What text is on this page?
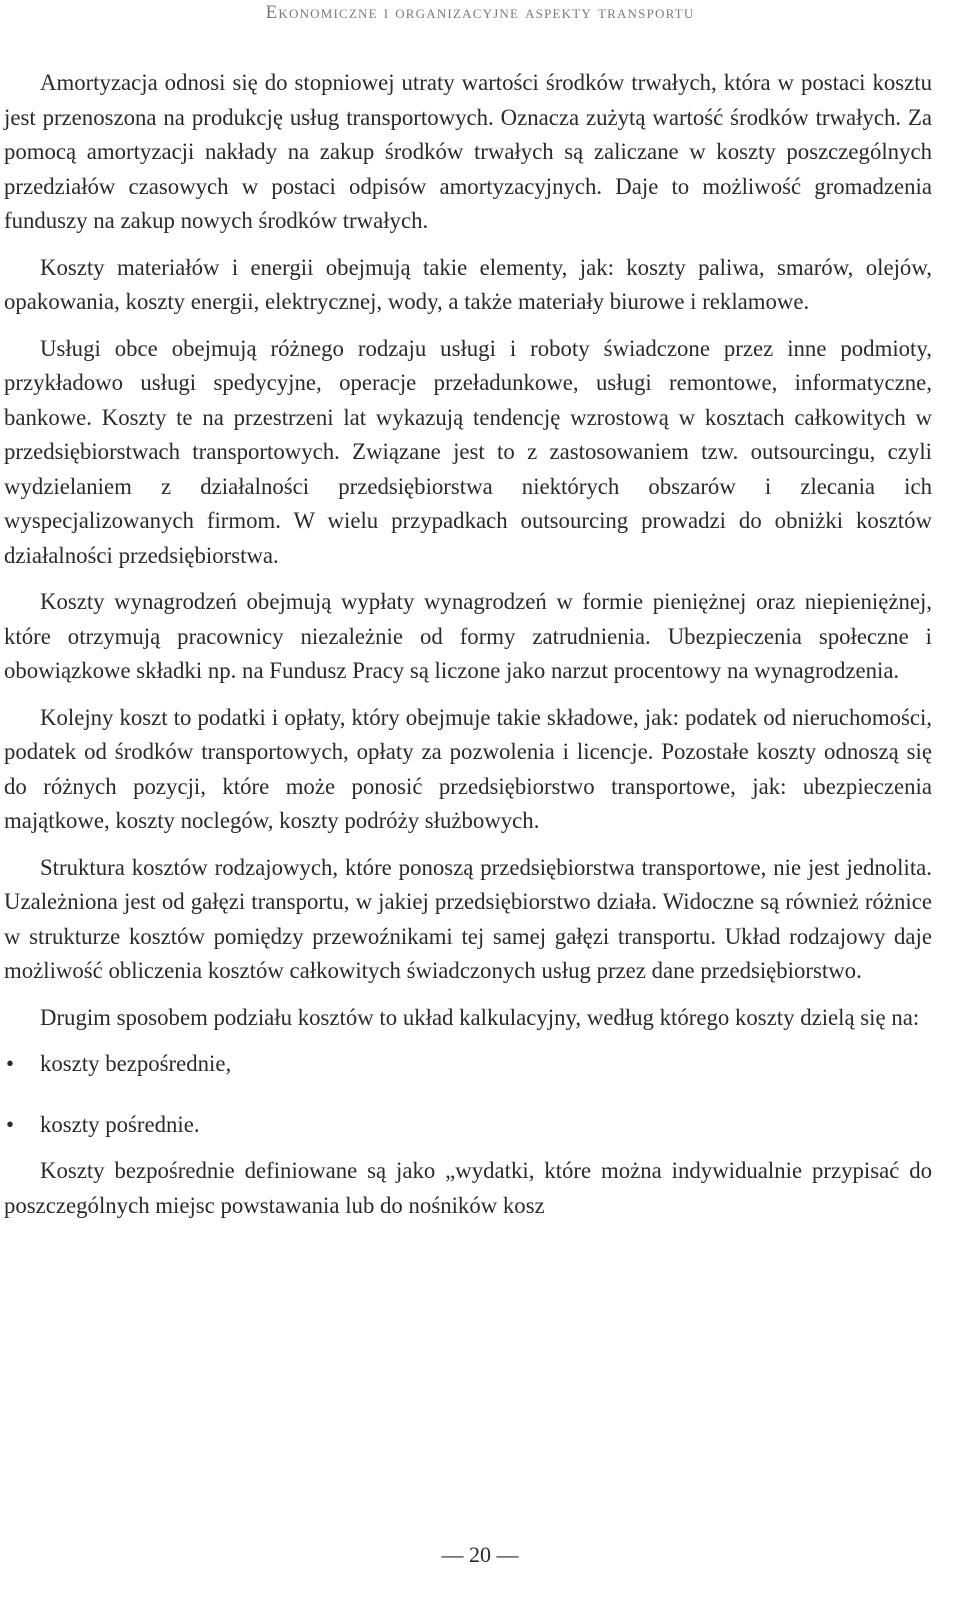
Ekonomiczne i organizacyjne aspekty transportu

Amortyzacja odnosi się do stopniowej utraty wartości środków trwałych, która w postaci kosztu jest przenoszona na produkcję usług transportowych. Oznacza zużytą wartość środków trwałych. Za pomocą amortyzacji nakłady na zakup środków trwałych są zaliczane w koszty poszczególnych przedziałów czasowych w postaci odpisów amortyzacyjnych. Daje to możliwość gromadzenia funduszy na zakup nowych środków trwałych.

Koszty materiałów i energii obejmują takie elementy, jak: koszty paliwa, smarów, olejów, opakowania, koszty energii, elektrycznej, wody, a także materiały biurowe i reklamowe.

Usługi obce obejmują różnego rodzaju usługi i roboty świadczone przez inne podmioty, przykładowo usługi spedycyjne, operacje przeładunkowe, usługi remontowe, informatyczne, bankowe. Koszty te na przestrzeni lat wykazują tendencję wzrostową w kosztach całkowitych w przedsiębiorstwach transportowych. Związane jest to z zastosowaniem tzw. outsourcingu, czyli wydzielaniem z działalności przedsiębiorstwa niektórych obszarów i zlecania ich wyspecjalizowanych firmom. W wielu przypadkach outsourcing prowadzi do obniżki kosztów działalności przedsiębiorstwa.

Koszty wynagrodzeń obejmują wypłaty wynagrodzeń w formie pieniężnej oraz niepieniężnej, które otrzymują pracownicy niezależnie od formy zatrudnienia. Ubezpieczenia społeczne i obowiązkowe składki np. na Fundusz Pracy są liczone jako narzut procentowy na wynagrodzenia.

Kolejny koszt to podatki i opłaty, który obejmuje takie składowe, jak: podatek od nieruchomości, podatek od środków transportowych, opłaty za pozwolenia i licencje. Pozostałe koszty odnoszą się do różnych pozycji, które może ponosić przedsiębiorstwo transportowe, jak: ubezpieczenia majątkowe, koszty noclegów, koszty podróży służbowych.

Struktura kosztów rodzajowych, które ponoszą przedsiębiorstwa transportowe, nie jest jednolita. Uzależniona jest od gałęzi transportu, w jakiej przedsiębiorstwo działa. Widoczne są również różnice w strukturze kosztów pomiędzy przewoźnikami tej samej gałęzi transportu. Układ rodzajowy daje możliwość obliczenia kosztów całkowitych świadczonych usług przez dane przedsiębiorstwo.

Drugim sposobem podziału kosztów to układ kalkulacyjny, według którego koszty dzielą się na:

• koszty bezpośrednie,
• koszty pośrednie.

Koszty bezpośrednie definiowane są jako „wydatki, które można indywidualnie przypisać do poszczególnych miejsc powstawania lub do nośników kosz

— 20 —
